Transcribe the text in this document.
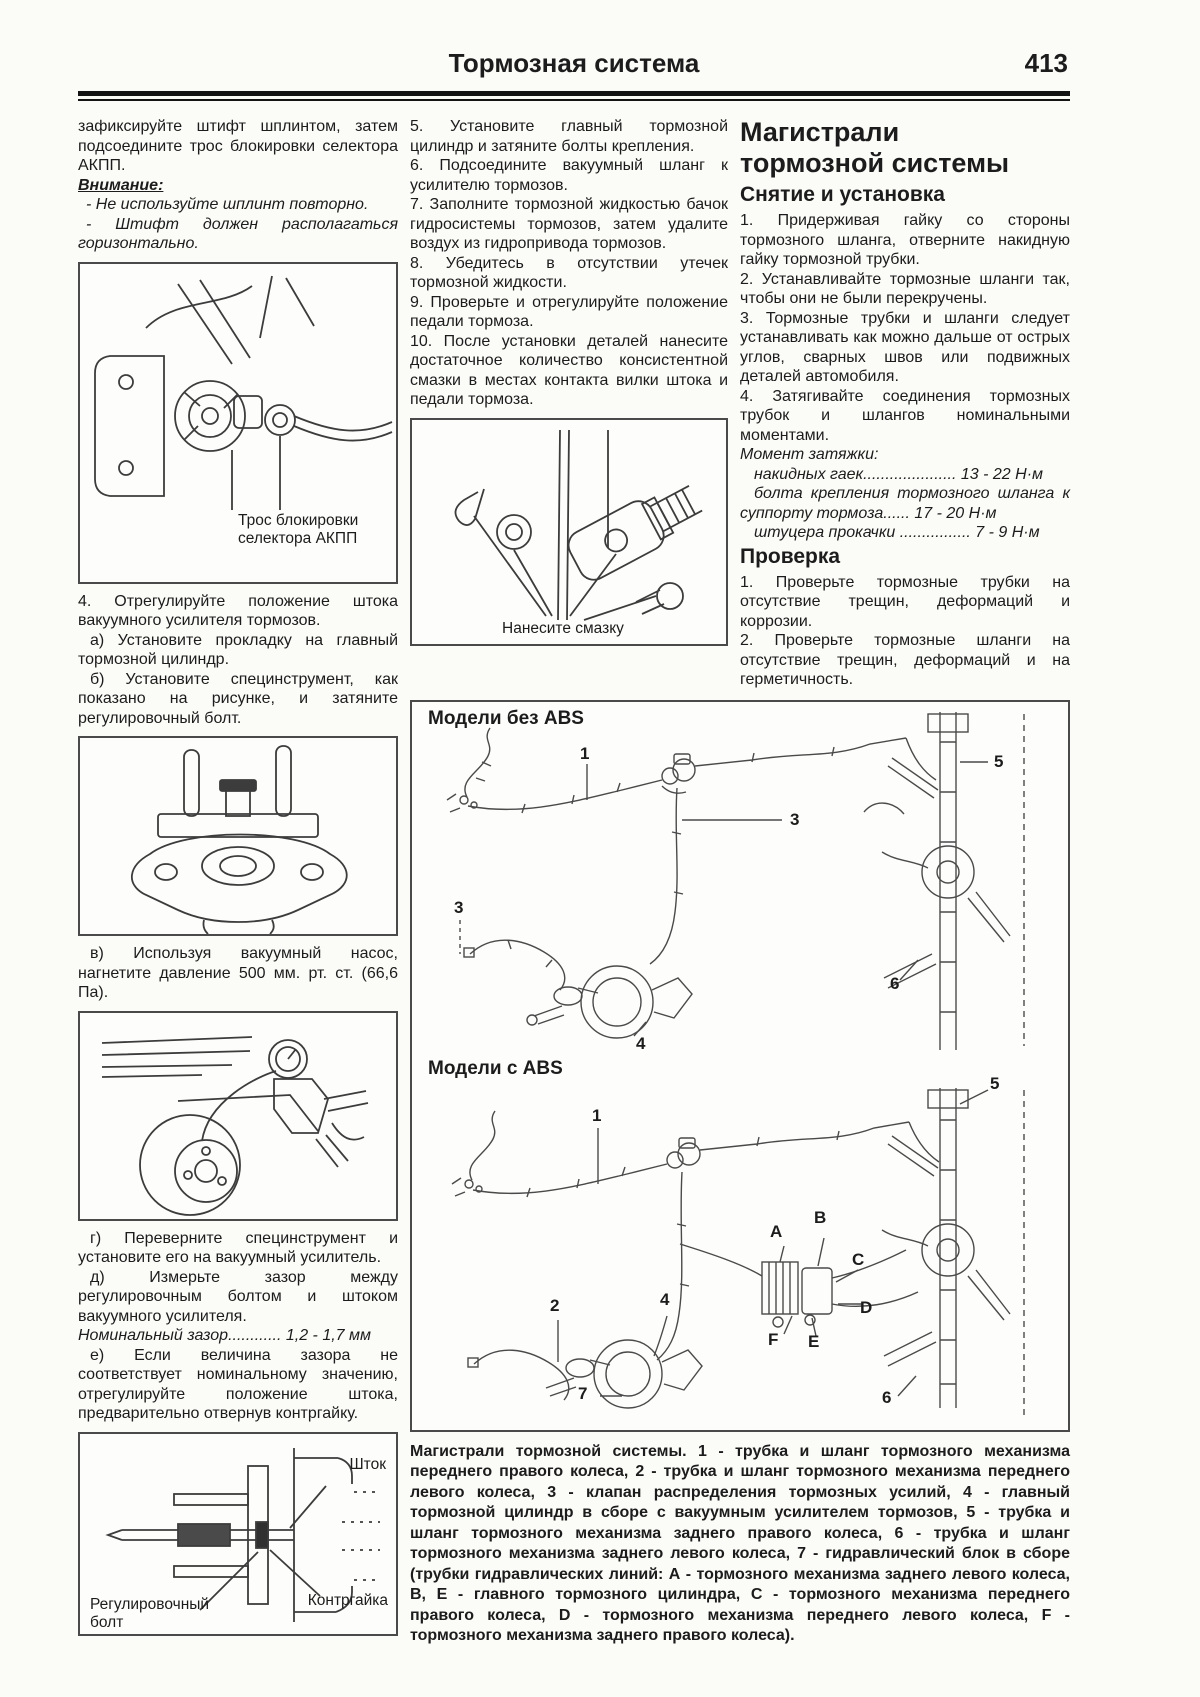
Тормозная система	413

зафиксируйте штифт шплинтом, затем подсоедините трос блокировки селектора АКПП.

Внимание:

- Не используйте шплинт повторно.

- Штифт должен располагаться горизонтально.

Трос блокировки селектора АКПП

4. Отрегулируйте положение штока вакуумного усилителя тормозов.

а) Установите прокладку на главный тормозной цилиндр.

б) Установите специнструмент, как показано на рисунке, и затяните регулировочный болт.

в) Используя вакуумный насос, нагнетите давление 500 мм. рт. ст. (66,6 Па).

г) Переверните специнструмент и установите его на вакуумный усилитель.

д) Измерьте зазор между регулировочным болтом и штоком вакуумного усилителя.

Номинальный зазор............ 1,2 - 1,7 мм

е) Если величина зазора не соответствует номинальному значению, отрегулируйте положение штока, предварительно отвернув контргайку.

Шток
Контргайка
Регулировочный болт

5. Установите главный тормозной цилиндр и затяните болты крепления.

6. Подсоедините вакуумный шланг к усилителю тормозов.

7. Заполните тормозной жидкостью бачок гидросистемы тормозов, затем удалите воздух из гидропривода тормозов.

8. Убедитесь в отсутствии утечек тормозной жидкости.

9. Проверьте и отрегулируйте положение педали тормоза.

10. После установки деталей нанесите достаточное количество консистентной смазки в местах контакта вилки штока и педали тормоза.

Нанесите смазку
Магистрали тормозной системы
Снятие и установка

1. Придерживая гайку со стороны тормозного шланга, отверните накидную гайку тормозной трубки.

2. Устанавливайте тормозные шланги так, чтобы они не были перекручены.

3. Тормозные трубки и шланги следует устанавливать как можно дальше от острых углов, сварных швов или подвижных деталей автомобиля.

4. Затягивайте соединения тормозных трубок и шлангов номинальными моментами.

Момент затяжки:

накидных гаек..................... 13 - 22 Н·м

болта крепления тормозного шланга к суппорту тормоза...... 17 - 20 Н·м

штуцера прокачки ................ 7 - 9 Н·м

Проверка

1. Проверьте тормозные трубки на отсутствие трещин, деформаций и коррозии.

2. Проверьте тормозные шланги на отсутствие трещин, деформаций и на герметичность.

Модели без ABS
Модели с ABS
1
3
3
4
5
6
1
2	4
7
5
6
A
B
C
D
E
F

Магистрали тормозной системы. 1 - трубка и шланг тормозного механизма переднего правого колеса, 2 - трубка и шланг тормозного механизма переднего левого колеса, 3 - клапан распределения тормозных усилий, 4 - главный тормозной цилиндр в сборе с вакуумным усилителем тормозов, 5 - трубка и шланг тормозного механизма заднего правого колеса, 6 - трубка и шланг тормозного механизма заднего левого колеса, 7 - гидравлический блок в сборе (трубки гидравлических линий: А - тормозного механизма заднего левого колеса, В, Е - главного тормозного цилиндра, С - тормозного механизма переднего правого колеса, D - тормозного механизма переднего левого колеса, F - тормозного механизма заднего правого колеса).
